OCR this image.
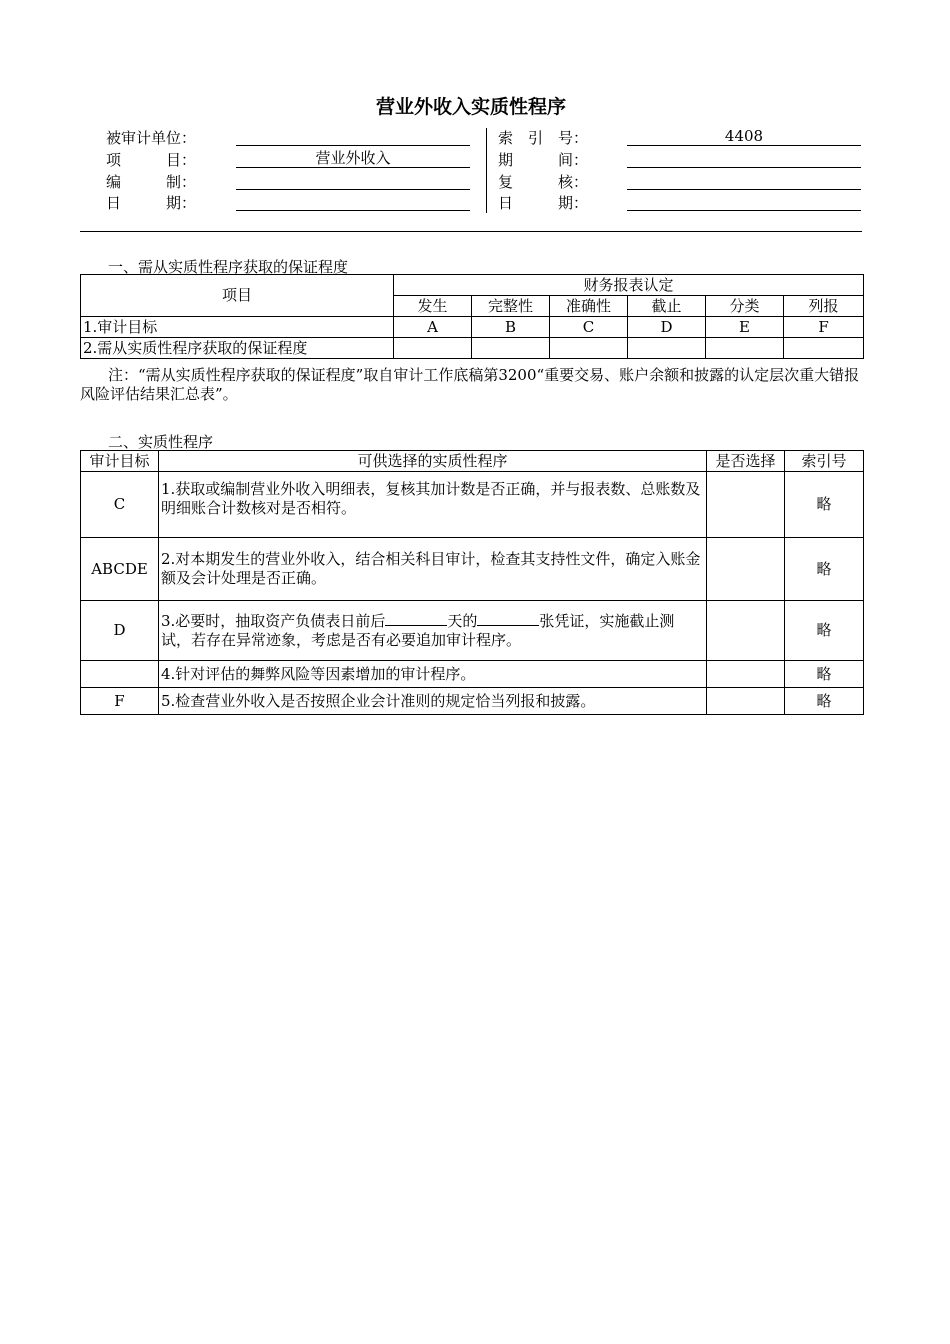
营业外收入实质性程序
被审计单位：
项　　　目：	营业外收入
编　　　制：
日　　　期：
索　引　号：	4408
期　　　间：
复　　　核：
日　　　期：
一、需从实质性程序获取的保证程度
项目	财务报表认定					
	发生	完整性	准确性	截止	分类	列报
1.审计目标	A	B	C	D	E	F
2.需从实质性程序获取的保证程度						
注：“需从实质性程序获取的保证程度”取自审计工作底稿第3200“重要交易、账户余额和披露的认定层次重大错报风险评估结果汇总表”。
二、实质性程序
审计目标	可供选择的实质性程序	是否选择	索引号
C	1.获取或编制营业外收入明细表，复核其加计数是否正确，并与报表数、总账数及明细账合计数核对是否相符。		略
ABCDE	2.对本期发生的营业外收入，结合相关科目审计，检查其支持性文件，确定入账金额及会计处理是否正确。		略
D	3.必要时，抽取资产负债表日前后 天的 张凭证，实施截止测试，若存在异常迹象，考虑是否有必要追加审计程序。		略

	4.针对评估的舞弊风险等因素增加的审计程序。		略
F	5.检查营业外收入是否按照企业会计准则的规定恰当列报和披露。		略
